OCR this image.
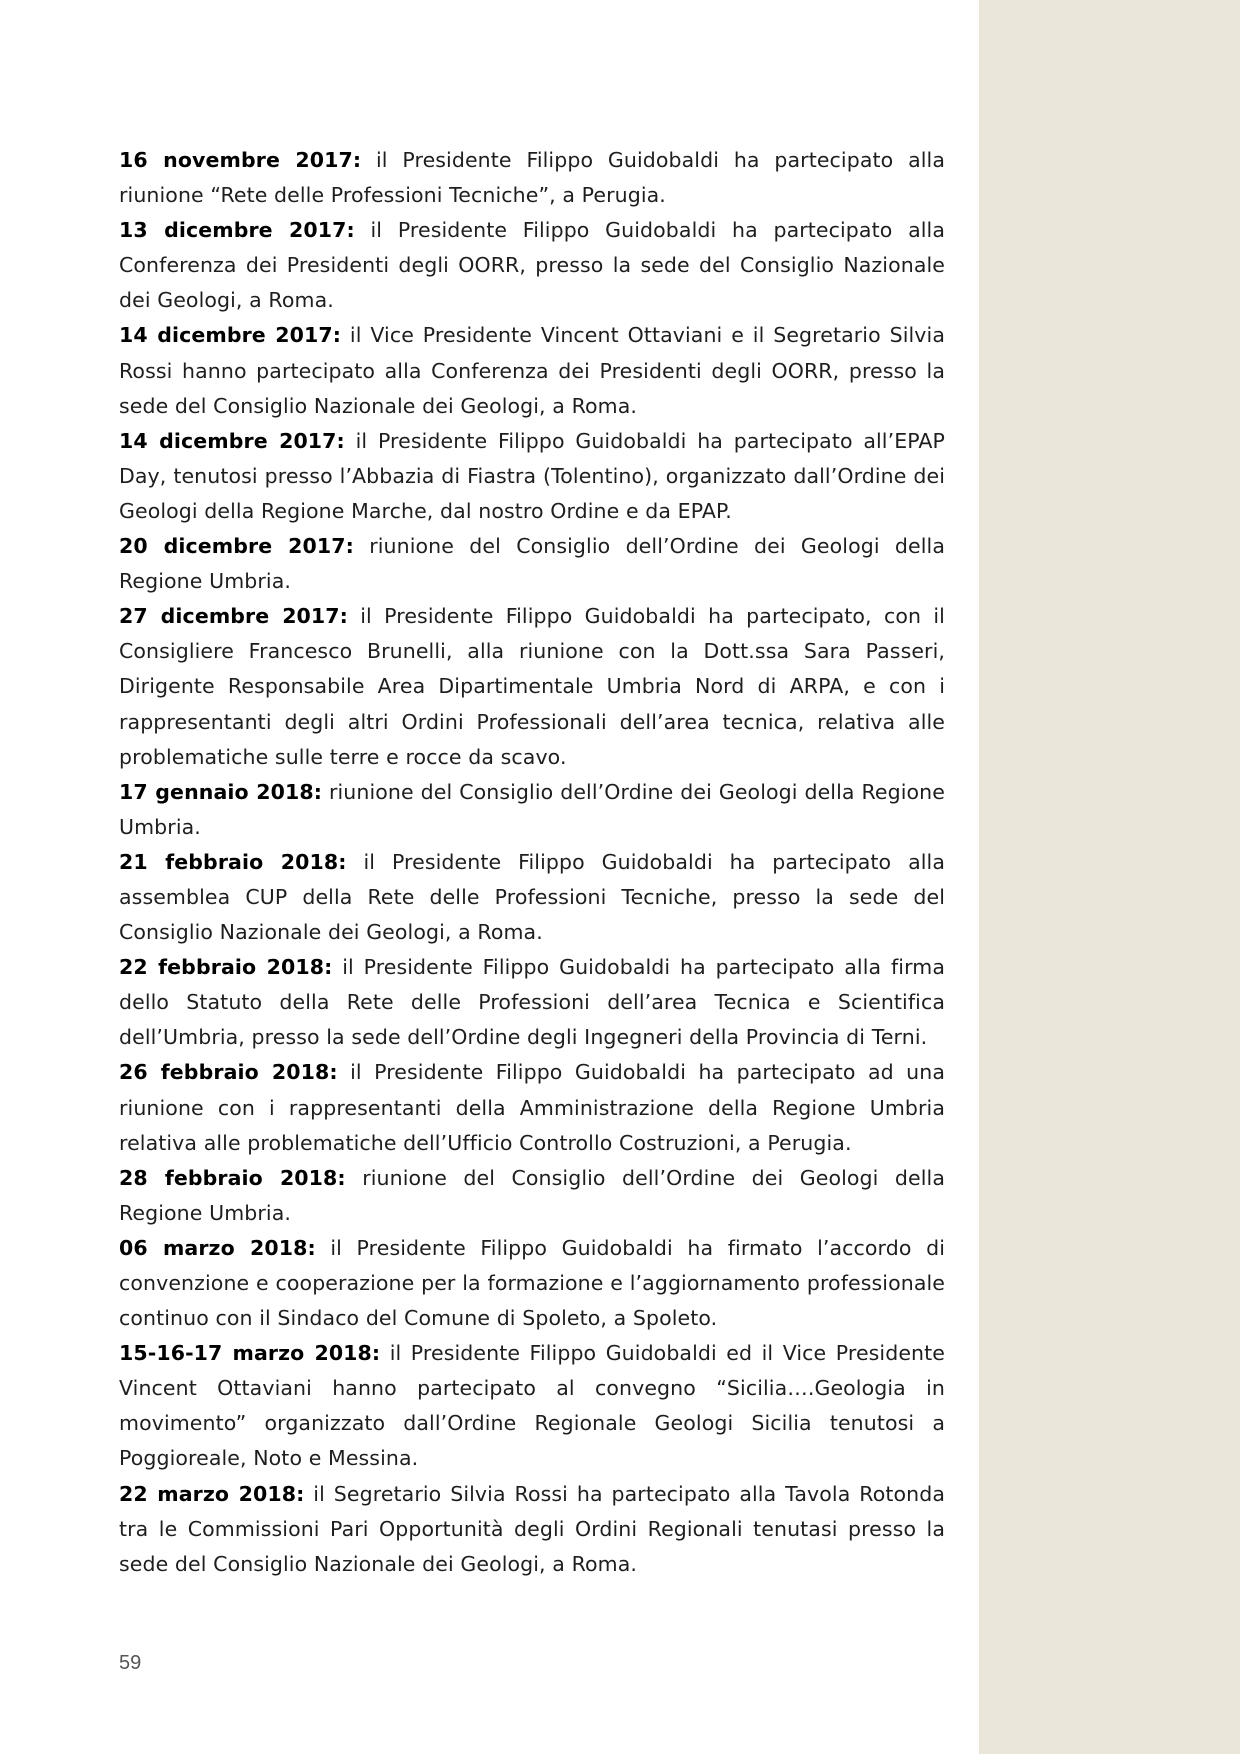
16 novembre 2017: il Presidente Filippo Guidobaldi ha partecipato alla riunione “Rete delle Professioni Tecniche”, a Perugia.

13 dicembre 2017: il Presidente Filippo Guidobaldi ha partecipato alla Conferenza dei Presidenti degli OORR, presso la sede del Consiglio Nazionale dei Geologi, a Roma.

14 dicembre 2017: il Vice Presidente Vincent Ottaviani e il Segretario Silvia Rossi hanno partecipato alla Conferenza dei Presidenti degli OORR, presso la sede del Consiglio Nazionale dei Geologi, a Roma.

14 dicembre 2017: il Presidente Filippo Guidobaldi ha partecipato all’EPAP Day, tenutosi presso l’Abbazia di Fiastra (Tolentino), organizzato dall’Ordine dei Geologi della Regione Marche, dal nostro Ordine e da EPAP.

20 dicembre 2017: riunione del Consiglio dell’Ordine dei Geologi della Regione Umbria.

27 dicembre 2017: il Presidente Filippo Guidobaldi ha partecipato, con il Consigliere Francesco Brunelli, alla riunione con la Dott.ssa Sara Passeri, Dirigente Responsabile Area Dipartimentale Umbria Nord di ARPA, e con i rappresentanti degli altri Ordini Professionali dell’area tecnica, relativa alle problematiche sulle terre e rocce da scavo.

17 gennaio 2018: riunione del Consiglio dell’Ordine dei Geologi della Regione Umbria.

21 febbraio 2018: il Presidente Filippo Guidobaldi ha partecipato alla assemblea CUP della Rete delle Professioni Tecniche, presso la sede del Consiglio Nazionale dei Geologi, a Roma.

22 febbraio 2018: il Presidente Filippo Guidobaldi ha partecipato alla firma dello Statuto della Rete delle Professioni dell’area Tecnica e Scientifica dell’Umbria, presso la sede dell’Ordine degli Ingegneri della Provincia di Terni.

26 febbraio 2018: il Presidente Filippo Guidobaldi ha partecipato ad una riunione con i rappresentanti della Amministrazione della Regione Umbria relativa alle problematiche dell’Ufficio Controllo Costruzioni, a Perugia.

28 febbraio 2018: riunione del Consiglio dell’Ordine dei Geologi della Regione Umbria.

06 marzo 2018: il Presidente Filippo Guidobaldi ha firmato l’accordo di convenzione e cooperazione per la formazione e l’aggiornamento professionale continuo con il Sindaco del Comune di Spoleto, a Spoleto.

15-16-17 marzo 2018: il Presidente Filippo Guidobaldi ed il Vice Presidente Vincent Ottaviani hanno partecipato al convegno “Sicilia….Geologia in movimento” organizzato dall’Ordine Regionale Geologi Sicilia tenutosi a Poggioreale, Noto e Messina.

22 marzo 2018: il Segretario Silvia Rossi ha partecipato alla Tavola Rotonda tra le Commissioni Pari Opportunità degli Ordini Regionali tenutasi presso la sede del Consiglio Nazionale dei Geologi, a Roma.

59
